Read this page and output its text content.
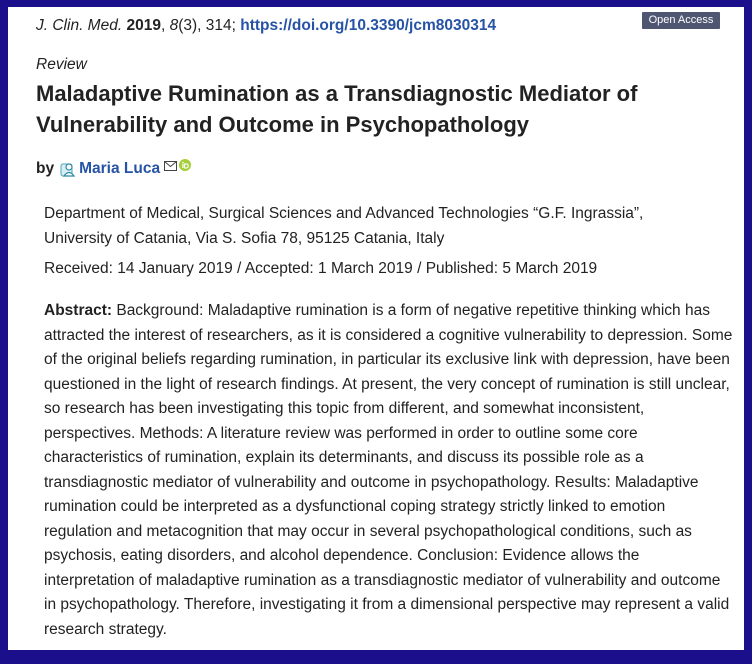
J. Clin. Med. 2019, 8(3), 314; https://doi.org/10.3390/jcm8030314	Open Access
Review
Maladaptive Rumination as a Transdiagnostic Mediator of Vulnerability and Outcome in Psychopathology
by Maria Luca
Department of Medical, Surgical Sciences and Advanced Technologies “G.F. Ingrassia”,
University of Catania, Via S. Sofia 78, 95125 Catania, Italy
Received: 14 January 2019 / Accepted: 1 March 2019 / Published: 5 March 2019

Abstract: Background: Maladaptive rumination is a form of negative repetitive thinking which has attracted the interest of researchers, as it is considered a cognitive vulnerability to depression. Some of the original beliefs regarding rumination, in particular its exclusive link with depression, have been questioned in the light of research findings. At present, the very concept of rumination is still unclear, so research has been investigating this topic from different, and somewhat inconsistent, perspectives. Methods: A literature review was performed in order to outline some core characteristics of rumination, explain its determinants, and discuss its possible role as a transdiagnostic mediator of vulnerability and outcome in psychopathology. Results: Maladaptive rumination could be interpreted as a dysfunctional coping strategy strictly linked to emotion regulation and metacognition that may occur in several psychopathological conditions, such as psychosis, eating disorders, and alcohol dependence. Conclusion: Evidence allows the interpretation of maladaptive rumination as a transdiagnostic mediator of vulnerability and outcome in psychopathology. Therefore, investigating it from a dimensional perspective may represent a valid research strategy.
